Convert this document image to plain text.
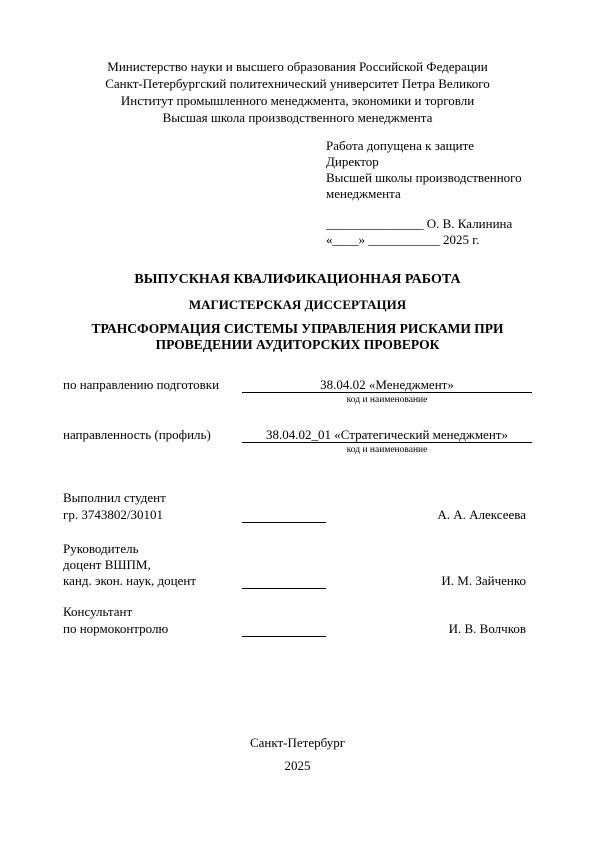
Министерство науки и высшего образования Российской Федерации
Санкт-Петербургский политехнический университет Петра Великого
Институт промышленного менеджмента, экономики и торговли
Высшая школа производственного менеджмента
Работа допущена к защите
Директор
Высшей школы производственного
менеджмента
_______________ О. В. Калинина
«____» ___________ 2025 г.
ВЫПУСКНАЯ КВАЛИФИКАЦИОННАЯ РАБОТА
МАГИСТЕРСКАЯ ДИССЕРТАЦИЯ
ТРАНСФОРМАЦИЯ СИСТЕМЫ УПРАВЛЕНИЯ РИСКАМИ ПРИ
ПРОВЕДЕНИИ АУДИТОРСКИХ ПРОВЕРОК
по направлению подготовки	38.04.02 «Менеджмент»
код и наименование
направленность (профиль)	38.04.02_01 «Стратегический менеджмент»
код и наименование
Выполнил студент
гр. 3743802/30101	А. А. Алексеева
Руководитель
доцент ВШПМ,
канд. экон. наук, доцент	И. М. Зайченко
Консультант
по нормоконтролю	И. В. Волчков
Санкт-Петербург
2025
